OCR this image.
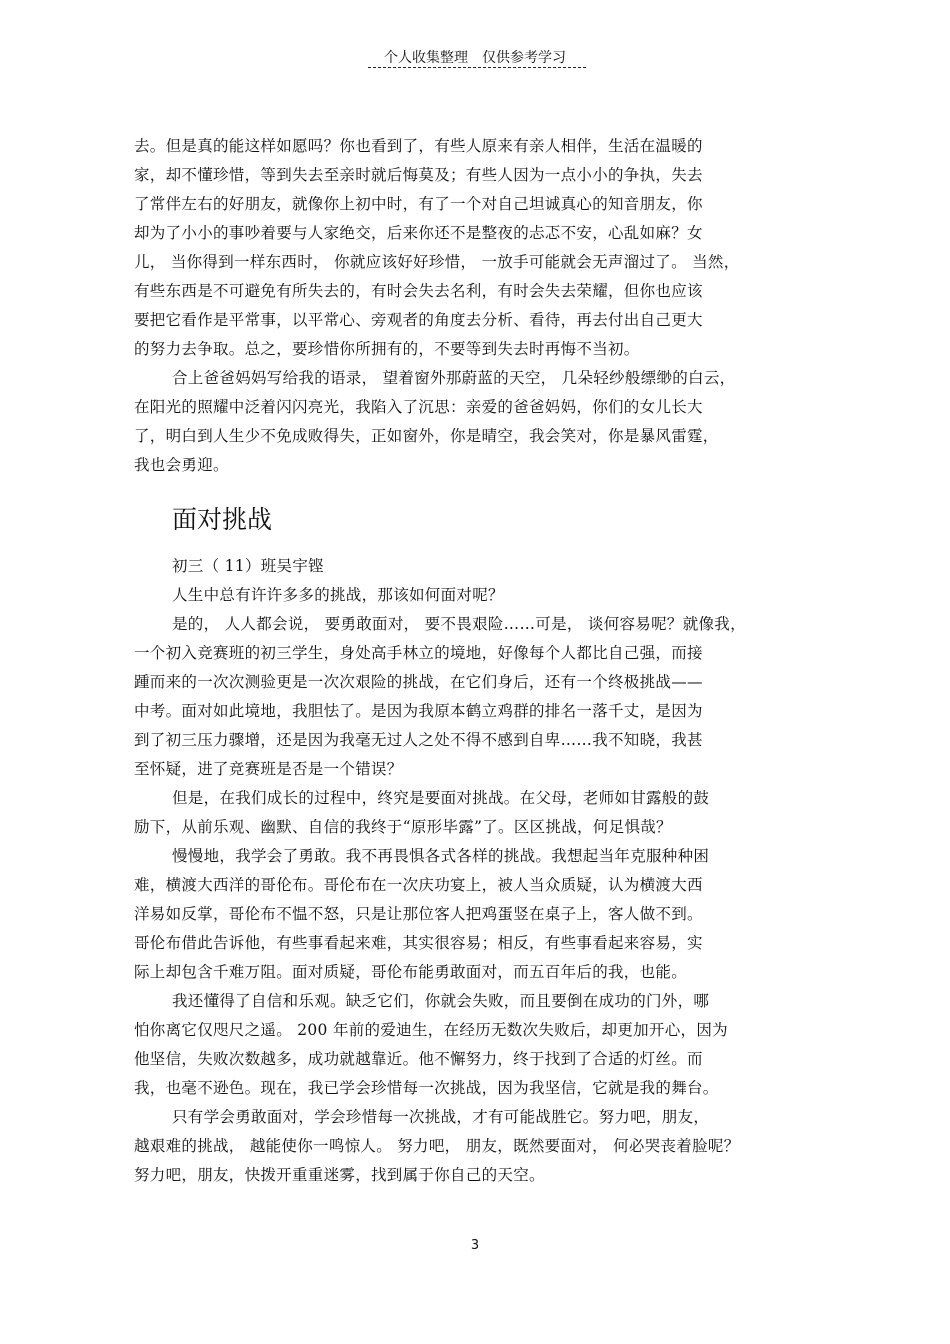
个人收集整理　仅供参考学习
去。但是真的能这样如愿吗？你也看到了，有些人原来有亲人相伴，生活在温暖的
家，却不懂珍惜，等到失去至亲时就后悔莫及；有些人因为一点小小的争执，失去
了常伴左右的好朋友，就像你上初中时，有了一个对自己坦诚真心的知音朋友，你
却为了小小的事吵着要与人家绝交，后来你还不是整夜的忐忑不安，心乱如麻？女
儿， 当你得到一样东西时， 你就应该好好珍惜， 一放手可能就会无声溜过了。 当然，
有些东西是不可避免有所失去的，有时会失去名利，有时会失去荣耀，但你也应该
要把它看作是平常事，以平常心、旁观者的角度去分析、看待，再去付出自己更大
的努力去争取。总之，要珍惜你所拥有的，不要等到失去时再悔不当初。
合上爸爸妈妈写给我的语录， 望着窗外那蔚蓝的天空， 几朵轻纱般缥缈的白云，
在阳光的照耀中泛着闪闪亮光，我陷入了沉思：亲爱的爸爸妈妈，你们的女儿长大
了，明白到人生少不免成败得失，正如窗外，你是晴空，我会笑对，你是暴风雷霆，
我也会勇迎。
面对挑战
初三（ 11）班吴宇铿
人生中总有许许多多的挑战，那该如何面对呢？
是的， 人人都会说， 要勇敢面对， 要不畏艰险……可是， 谈何容易呢？就像我，
一个初入竞赛班的初三学生，身处高手林立的境地，好像每个人都比自己强，而接
踵而来的一次次测验更是一次次艰险的挑战，在它们身后，还有一个终极挑战——
中考。面对如此境地，我胆怯了。是因为我原本鹤立鸡群的排名一落千丈，是因为
到了初三压力骤增，还是因为我毫无过人之处不得不感到自卑……我不知晓，我甚
至怀疑，进了竞赛班是否是一个错误？
但是，在我们成长的过程中，终究是要面对挑战。在父母，老师如甘露般的鼓
励下，从前乐观、幽默、自信的我终于“原形毕露”了。区区挑战，何足惧哉？
慢慢地，我学会了勇敢。我不再畏惧各式各样的挑战。我想起当年克服种种困
难，横渡大西洋的哥伦布。哥伦布在一次庆功宴上，被人当众质疑，认为横渡大西
洋易如反掌，哥伦布不愠不怒，只是让那位客人把鸡蛋竖在桌子上，客人做不到。
哥伦布借此告诉他，有些事看起来难，其实很容易；相反，有些事看起来容易，实
际上却包含千难万阻。面对质疑，哥伦布能勇敢面对，而五百年后的我，也能。
我还懂得了自信和乐观。缺乏它们，你就会失败，而且要倒在成功的门外，哪
怕你离它仅咫尺之遥。 200 年前的爱迪生，在经历无数次失败后，却更加开心，因为
他坚信，失败次数越多，成功就越靠近。他不懈努力，终于找到了合适的灯丝。而
我，也毫不逊色。现在，我已学会珍惜每一次挑战，因为我坚信，它就是我的舞台。
只有学会勇敢面对，学会珍惜每一次挑战，才有可能战胜它。努力吧，朋友，
越艰难的挑战， 越能使你一鸣惊人。 努力吧， 朋友，既然要面对， 何必哭丧着脸呢？
努力吧，朋友，快拨开重重迷雾，找到属于你自己的天空。
3
